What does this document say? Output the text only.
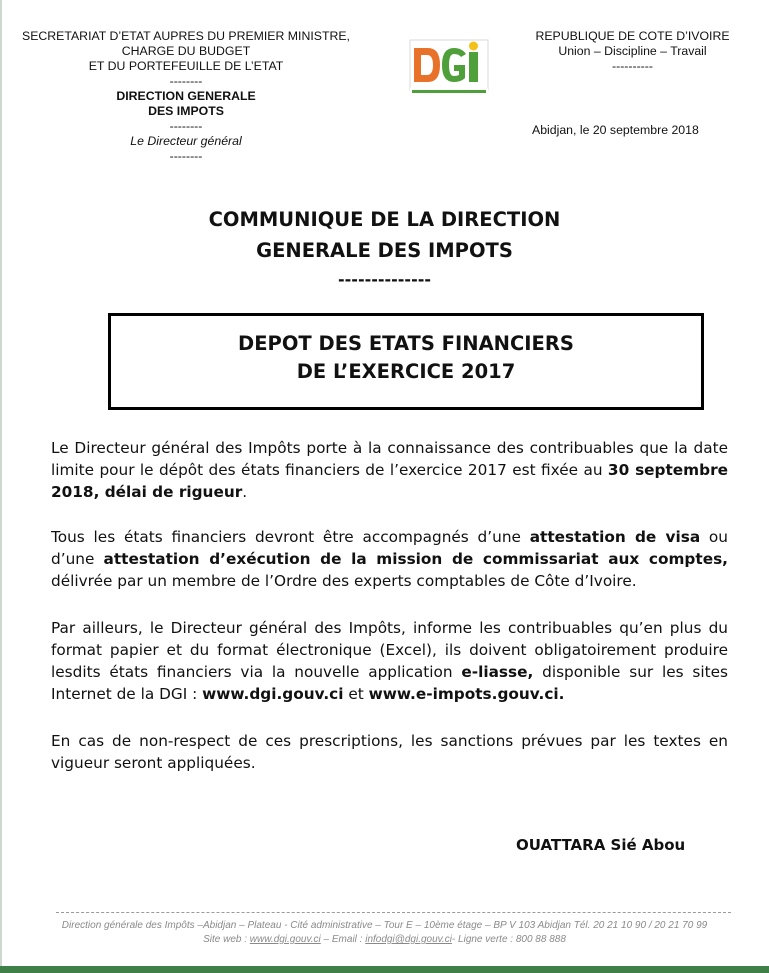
SECRETARIAT D’ETAT AUPRES DU PREMIER MINISTRE,
CHARGE DU BUDGET
ET DU PORTEFEUILLE DE L’ETAT
--------
DIRECTION GENERALE
DES IMPOTS
--------
Le Directeur général
--------
REPUBLIQUE DE COTE D’IVOIRE
Union – Discipline – Travail
----------
Abidjan, le 20 septembre 2018
COMMUNIQUE DE LA DIRECTION
GENERALE DES IMPOTS
--------------
DEPOT DES ETATS FINANCIERS
DE L’EXERCICE 2017
Le Directeur général des Impôts porte à la connaissance des contribuables que la date limite pour le dépôt des états financiers de l’exercice 2017 est fixée au 30 septembre 2018, délai de rigueur.
Tous les états financiers devront être accompagnés d’une attestation de visa ou d’une attestation d’exécution de la mission de commissariat aux comptes, délivrée par un membre de l’Ordre des experts comptables de Côte d’Ivoire.
Par ailleurs, le Directeur général des Impôts, informe les contribuables qu’en plus du format papier et du format électronique (Excel), ils doivent obligatoirement produire lesdits états financiers via la nouvelle application e-liasse, disponible sur les sites Internet de la DGI : www.dgi.gouv.ci et www.e-impots.gouv.ci.
En cas de non-respect de ces prescriptions, les sanctions prévues par les textes en vigueur seront appliquées.
OUATTARA Sié Abou
Direction générale des Impôts –Abidjan – Plateau - Cité administrative – Tour E – 10ème étage – BP V 103 Abidjan Tél. 20 21 10 90 / 20 21 70 99
Site web : www.dgi.gouv.ci – Email : infodgi@dgi.gouv.ci- Ligne verte : 800 88 888
